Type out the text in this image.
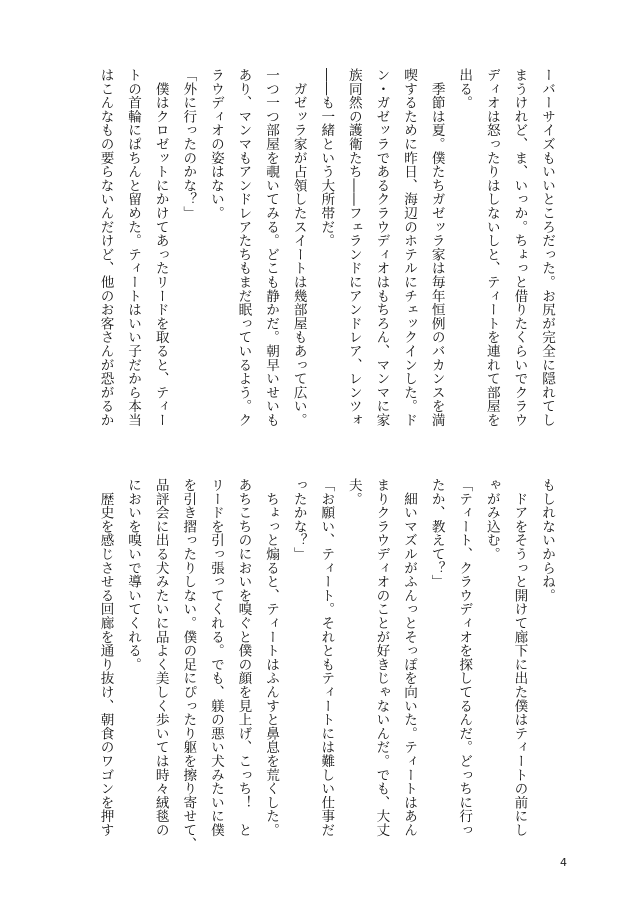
ーバーサイズもいいところだった。お尻が完全に隠れてし
まうけれど、ま、いっか。ちょっと借りたくらいでクラウ
ディオは怒ったりはしないしと、ティートを連れて部屋を
出る。
　季節は夏。僕たちガゼッラ家は毎年恒例のバカンスを満
喫するために昨日、海辺のホテルにチェックインした。ド
ン・ガゼッラであるクラウディオはもちろん、マンマに家
族同然の護衛たち――フェランドにアンドレア、レンツォ
――も一緒という大所帯だ。
　ガゼッラ家が占領したスイートは幾部屋もあって広い。
一つ一つ部屋を覗いてみる。どこも静かだ。朝早いせいも
あり、マンマもアンドレアたちもまだ眠っているよう。ク
ラウディオの姿はない。
「外に行ったのかな？」
　僕はクロゼットにかけてあったリードを取ると、ティー
トの首輪にぱちんと留めた。ティートはいい子だから本当
はこんなもの要らないんだけど、他のお客さんが恐がるか
もしれないからね。
　ドアをそうっと開けて廊下に出た僕はティートの前にし
ゃがみ込む。
「ティート、クラウディオを探してるんだ。どっちに行っ
たか、教えて？」
　細いマズルがふんっとそっぽを向いた。ティートはあん
まりクラウディオのことが好きじゃないんだ。でも、大丈
夫。
「お願い、ティート。それともティートには難しい仕事だ
ったかな？」
　ちょっと煽ると、ティートはふんすと鼻息を荒くした。
あちこちのにおいを嗅ぐと僕の顔を見上げ、こっち！　と
リードを引っ張ってくれる。でも、躾の悪い犬みたいに僕
を引き摺ったりしない。僕の足にぴったり躯を擦り寄せて、
品評会に出る犬みたいに品よく美しく歩いては時々絨毯の
においを嗅いで導いてくれる。
　歴史を感じさせる回廊を通り抜け、朝食のワゴンを押す
4
